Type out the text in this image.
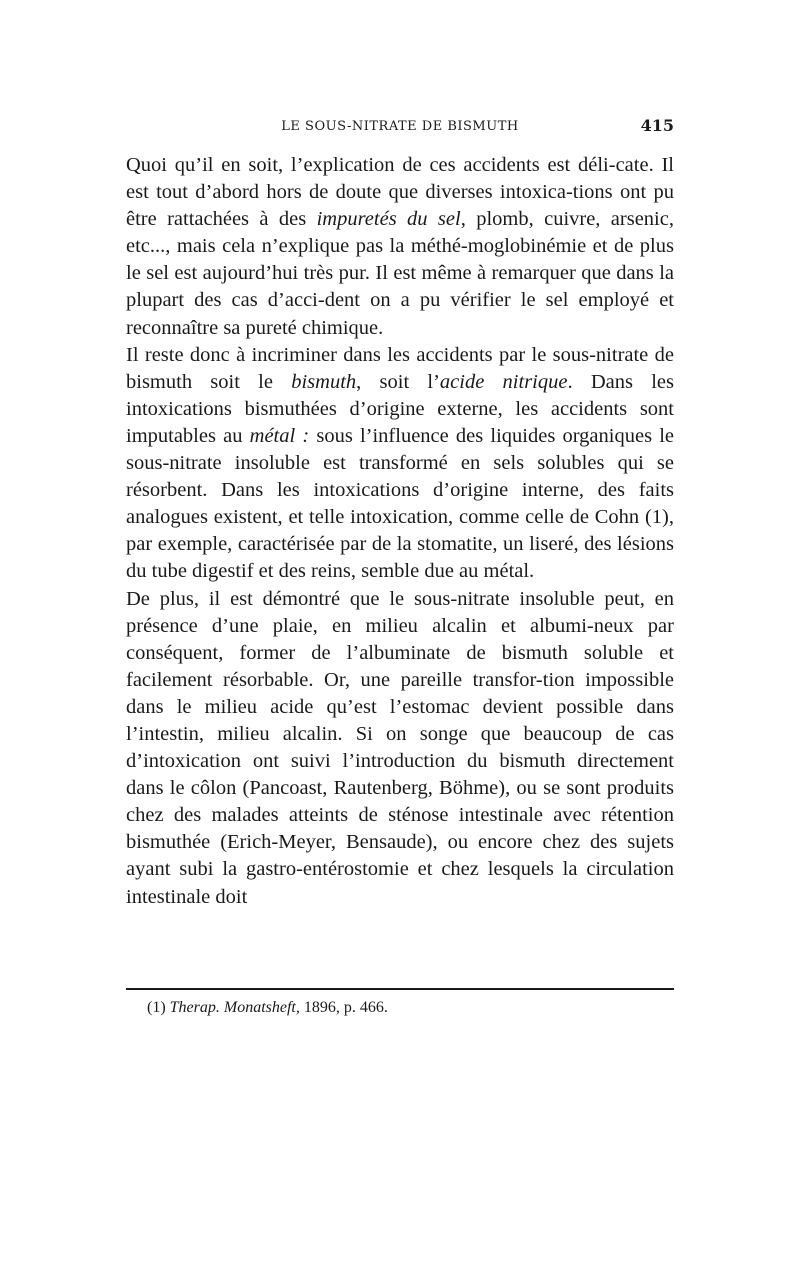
LE SOUS-NITRATE DE BISMUTH	415

Quoi qu’il en soit, l’explication de ces accidents est déli-cate. Il est tout d’abord hors de doute que diverses intoxica-tions ont pu être rattachées à des impuretés du sel, plomb, cuivre, arsenic, etc..., mais cela n’explique pas la méthé-moglobinémie et de plus le sel est aujourd’hui très pur. Il est même à remarquer que dans la plupart des cas d’acci-dent on a pu vérifier le sel employé et reconnaître sa pureté chimique.

Il reste donc à incriminer dans les accidents par le sous-nitrate de bismuth soit le bismuth, soit l’acide nitrique. Dans les intoxications bismuthées d’origine externe, les accidents sont imputables au métal : sous l’influence des liquides organiques le sous-nitrate insoluble est transformé en sels solubles qui se résorbent. Dans les intoxications d’origine interne, des faits analogues existent, et telle intoxication, comme celle de Cohn (1), par exemple, caractérisée par de la stomatite, un liseré, des lésions du tube digestif et des reins, semble due au métal.

De plus, il est démontré que le sous-nitrate insoluble peut, en présence d’une plaie, en milieu alcalin et albumi-neux par conséquent, former de l’albuminate de bismuth soluble et facilement résorbable. Or, une pareille transfor-tion impossible dans le milieu acide qu’est l’estomac devient possible dans l’intestin, milieu alcalin. Si on songe que beaucoup de cas d’intoxication ont suivi l’introduction du bismuth directement dans le côlon (Pancoast, Rautenberg, Böhme), ou se sont produits chez des malades atteints de sténose intestinale avec rétention bismuthée (Erich-Meyer, Bensaude), ou encore chez des sujets ayant subi la gastro-entérostomie et chez lesquels la circulation intestinale doit

(1) Therap. Monatsheft, 1896, p. 466.
